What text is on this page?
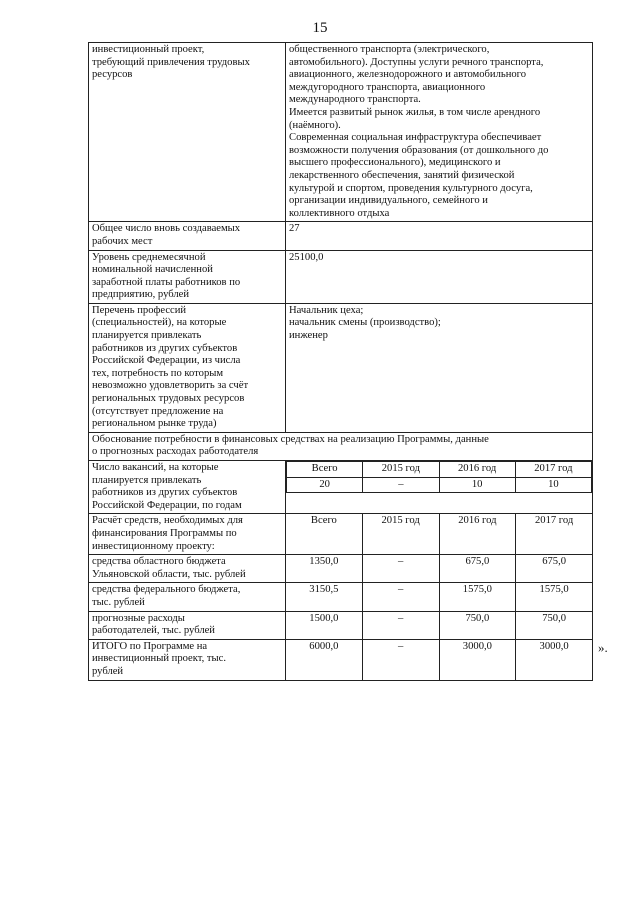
15
инвестиционный проект,
требующий привлечения трудовых
ресурсов	общественного транспорта (электрического,
автомобильного). Доступны услуги речного транспорта,
авиационного, железнодорожного и автомобильного
междугородного транспорта, авиационного
международного транспорта.
Имеется развитый рынок жилья, в том числе арендного
(наёмного).
Современная социальная инфраструктура обеспечивает
возможности получения образования (от дошкольного до
высшего профессионального), медицинского и
лекарственного обеспечения, занятий физической
культурой и спортом, проведения культурного досуга,
организации индивидуального, семейного и
коллективного отдыха
Общее число вновь создаваемых
рабочих мест	27
Уровень среднемесячной
номинальной начисленной
заработной платы работников по
предприятию, рублей	25100,0
Перечень профессий
(специальностей), на которые
планируется привлекать
работников из других субъектов
Российской Федерации, из числа
тех, потребность по которым
невозможно удовлетворить за счёт
региональных трудовых ресурсов
(отсутствует предложение на
региональном рынке труда)	Начальник цеха;
начальник смены (производство);
инженер
Обоснование потребности в финансовых средствах на реализацию Программы, данные
о прогнозных расходах работодателя
Число вакансий, на которые
планируется привлекать
работников из других субъектов
Российской Федерации, по годам	
Всего	2015 год	2016 год	2017 год
20	–	10	10

Расчёт средств, необходимых для
финансирования Программы по
инвестиционному проекту:	Всего	2015 год	2016 год	2017 год
средства областного бюджета
Ульяновской области, тыс. рублей	1350,0	–	675,0	675,0
средства федерального бюджета,
тыс. рублей	3150,5	–	1575,0	1575,0
прогнозные расходы
работодателей, тыс. рублей	1500,0	–	750,0	750,0
ИТОГО по Программе на
инвестиционный проект, тыс.
рублей	6000,0	–	3000,0	3000,0 ».
